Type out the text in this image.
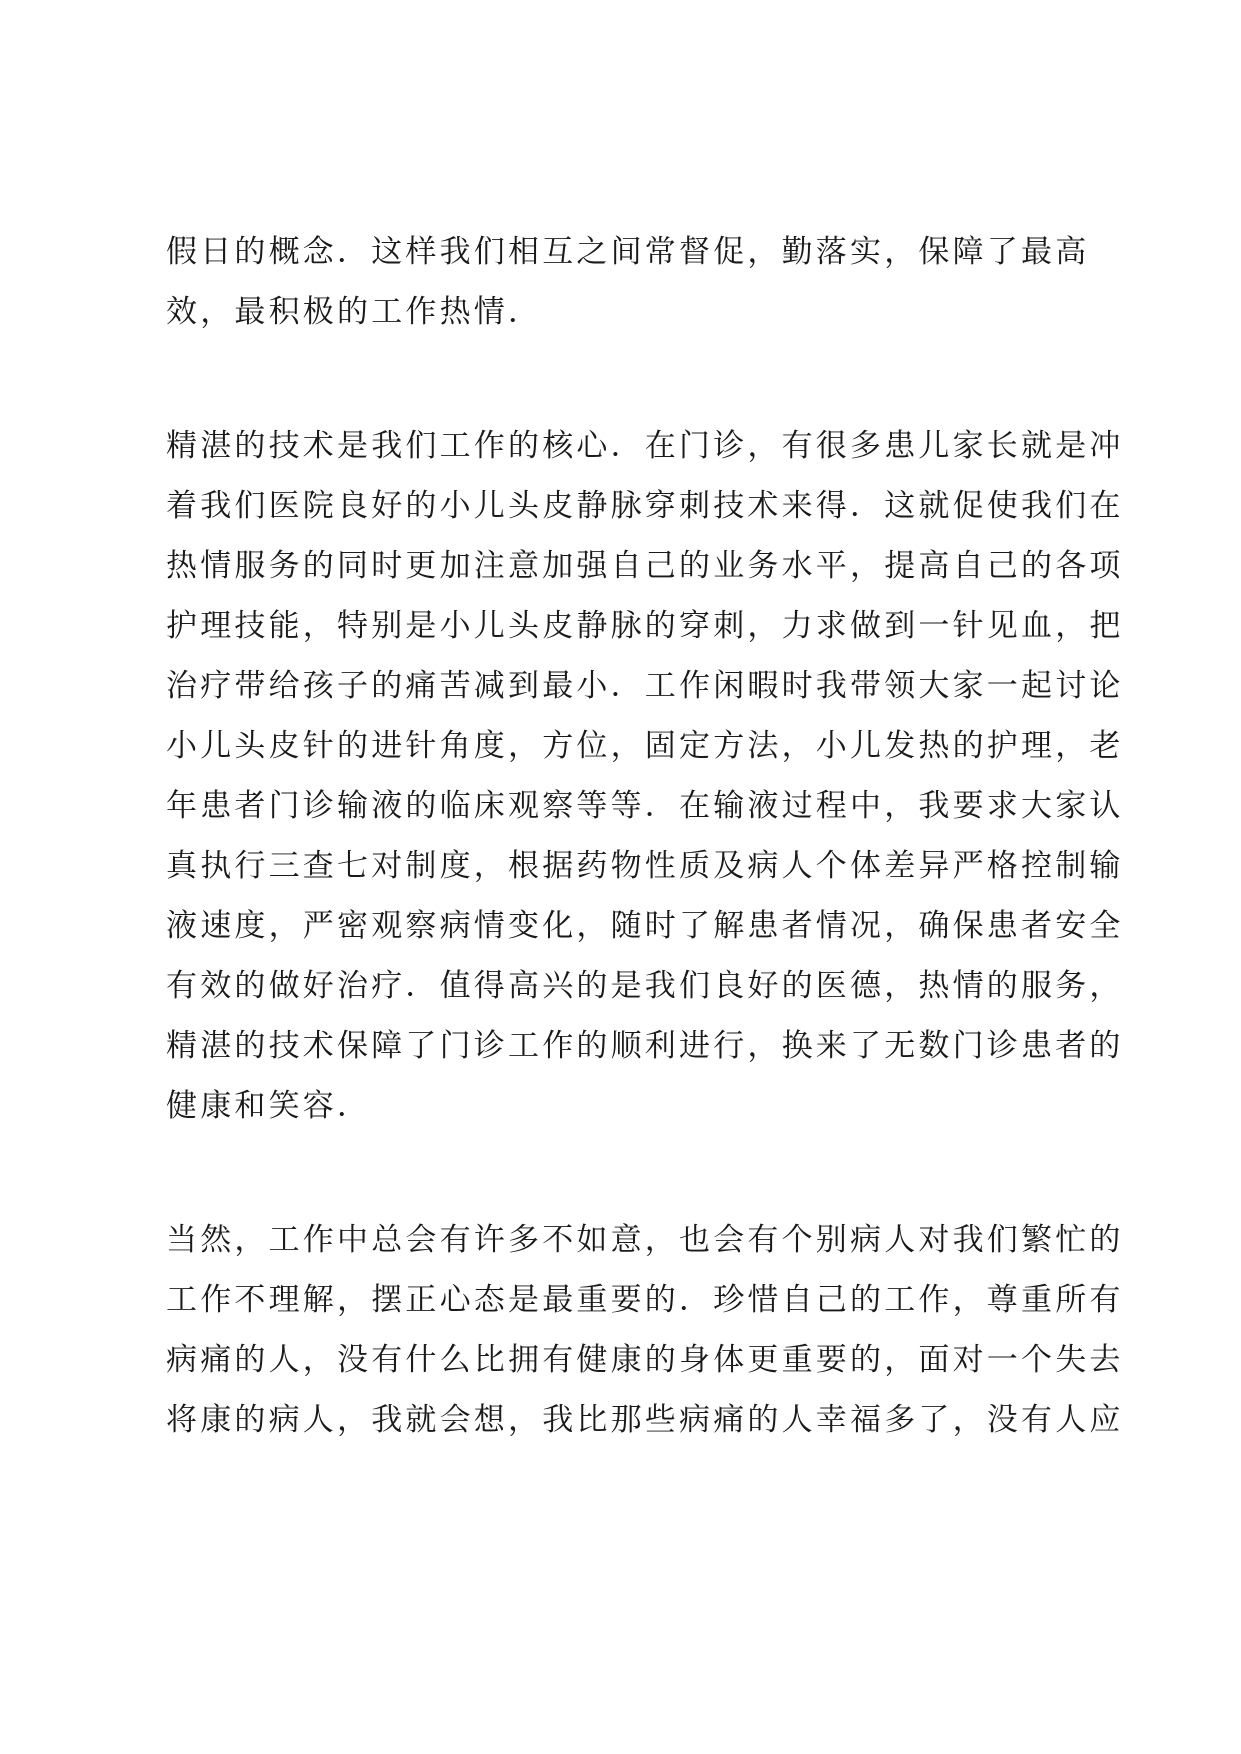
假日的概念．这样我们相互之间常督促，勤落实，保障了最高
效，最积极的工作热情．
精湛的技术是我们工作的核心．在门诊，有很多患儿家长就是冲
着我们医院良好的小儿头皮静脉穿刺技术来得．这就促使我们在
热情服务的同时更加注意加强自己的业务水平，提高自己的各项
护理技能，特别是小儿头皮静脉的穿刺，力求做到一针见血，把
治疗带给孩子的痛苦减到最小．工作闲暇时我带领大家一起讨论
小儿头皮针的进针角度，方位，固定方法，小儿发热的护理，老
年患者门诊输液的临床观察等等．在输液过程中，我要求大家认
真执行三查七对制度，根据药物性质及病人个体差异严格控制输
液速度，严密观察病情变化，随时了解患者情况，确保患者安全
有效的做好治疗．值得高兴的是我们良好的医德，热情的服务，
精湛的技术保障了门诊工作的顺利进行，换来了无数门诊患者的
健康和笑容．
当然，工作中总会有许多不如意，也会有个别病人对我们繁忙的
工作不理解，摆正心态是最重要的．珍惜自己的工作，尊重所有
病痛的人，没有什么比拥有健康的身体更重要的，面对一个失去
将康的病人，我就会想，我比那些病痛的人幸福多了，没有人应
